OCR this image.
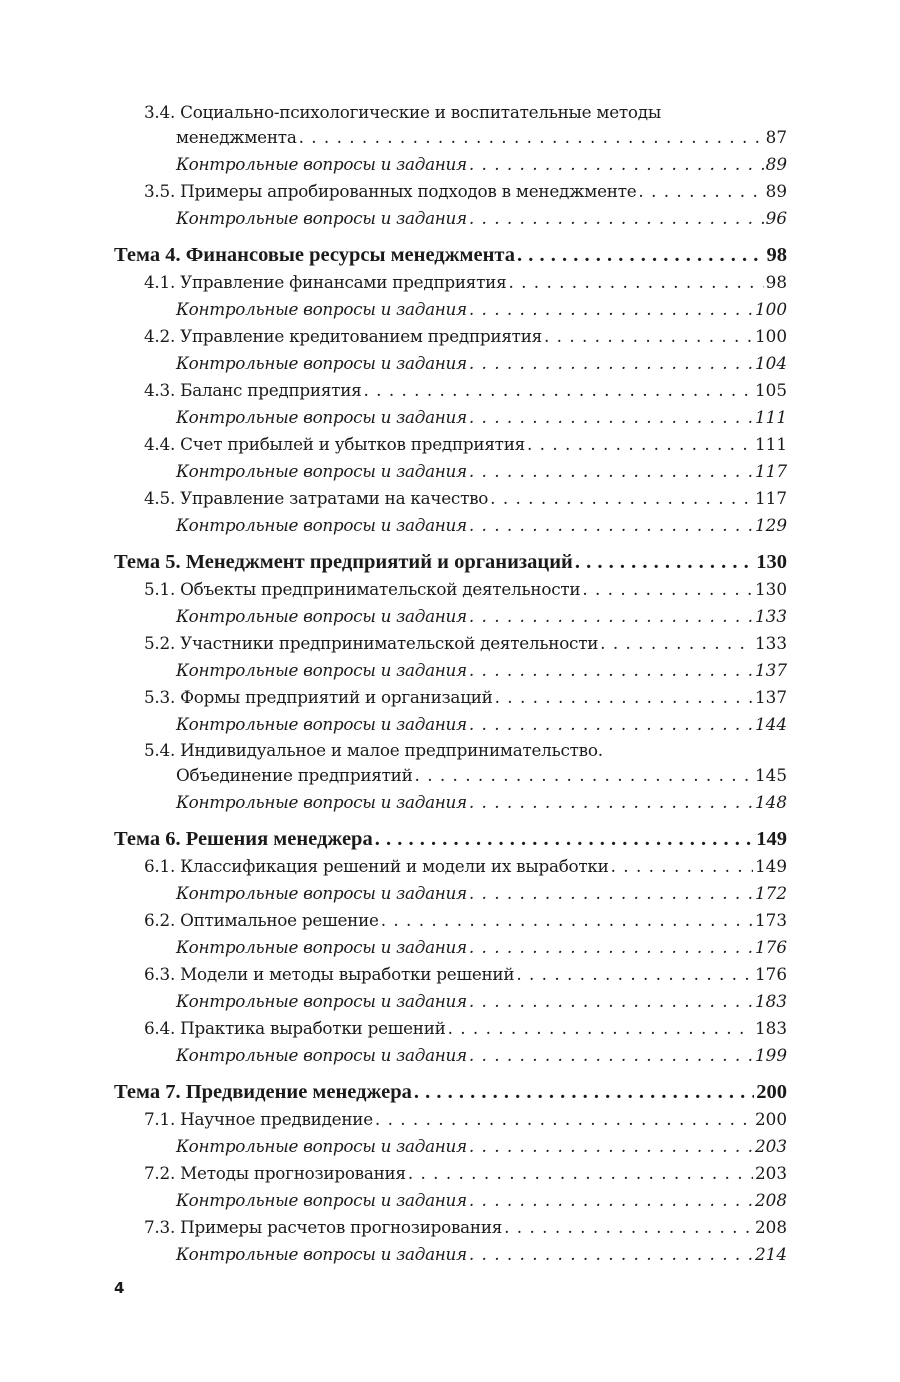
3.4. Социально-психологические и воспитательные методы
менеджмента . . .	87
Контрольные вопросы и задания . . .	89
3.5. Примеры апробированных подходов в менеджменте . . .	89
Контрольные вопросы и задания . . .	96
Тема 4. Финансовые ресурсы менеджмента . . .	98
4.1. Управление финансами предприятия . . .	98
Контрольные вопросы и задания . . .	100
4.2. Управление кредитованием предприятия . . .	100
Контрольные вопросы и задания . . .	104
4.3. Баланс предприятия . . .	105
Контрольные вопросы и задания . . .	111
4.4. Счет прибылей и убытков предприятия . . .	111
Контрольные вопросы и задания . . .	117
4.5. Управление затратами на качество . . .	117
Контрольные вопросы и задания . . .	129
Тема 5. Менеджмент предприятий и организаций . . .	130
5.1. Объекты предпринимательской деятельности . . .	130
Контрольные вопросы и задания . . .	133
5.2. Участники предпринимательской деятельности . . .	133
Контрольные вопросы и задания . . .	137
5.3. Формы предприятий и организаций . . .	137
Контрольные вопросы и задания . . .	144
5.4. Индивидуальное и малое предпринимательство.
Объединение предприятий . . .	145
Контрольные вопросы и задания . . .	148
Тема 6. Решения менеджера . . .	149
6.1. Классификация решений и модели их выработки . . .	149
Контрольные вопросы и задания . . .	172
6.2. Оптимальное решение . . .	173
Контрольные вопросы и задания . . .	176
6.3. Модели и методы выработки решений . . .	176
Контрольные вопросы и задания . . .	183
6.4. Практика выработки решений . . .	183
Контрольные вопросы и задания . . .	199
Тема 7. Предвидение менеджера . . .	200
7.1. Научное предвидение . . .	200
Контрольные вопросы и задания . . .	203
7.2. Методы прогнозирования . . .	203
Контрольные вопросы и задания . . .	208
7.3. Примеры расчетов прогнозирования . . .	208
Контрольные вопросы и задания . . .	214
4
